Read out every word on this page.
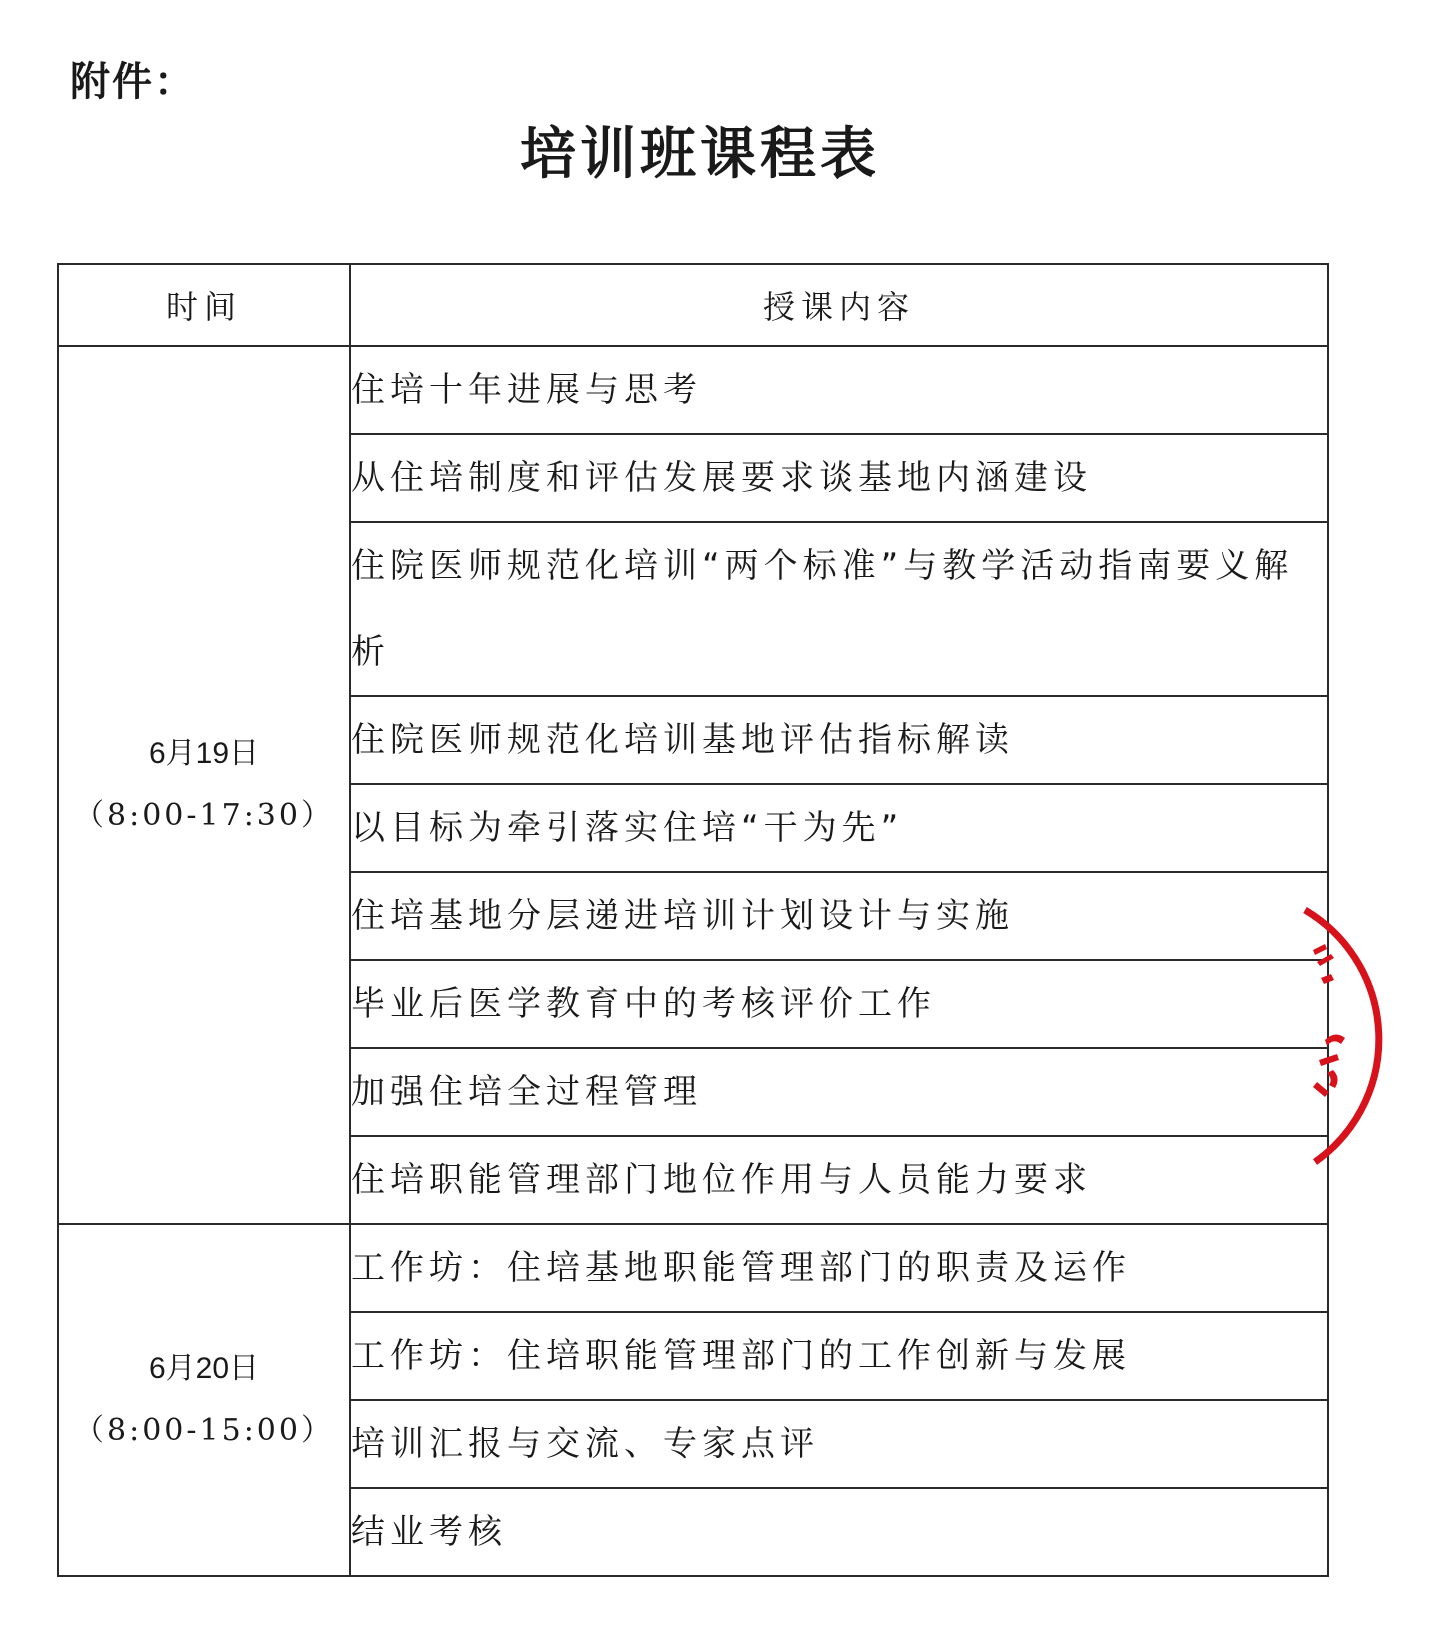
附件：
培训班课程表
时间	授课内容

6月19日
（8:00-17:30）	住培十年进展与思考
	从住培制度和评估发展要求谈基地内涵建设
	住院医师规范化培训“两个标准”与教学活动指南要义解析
	住院医师规范化培训基地评估指标解读
	以目标为牵引落实住培“干为先”
	住培基地分层递进培训计划设计与实施
	毕业后医学教育中的考核评价工作
	加强住培全过程管理
	住培职能管理部门地位作用与人员能力要求

6月20日
（8:00-15:00）	工作坊：住培基地职能管理部门的职责及运作
	工作坊：住培职能管理部门的工作创新与发展
	培训汇报与交流、专家点评
	结业考核
